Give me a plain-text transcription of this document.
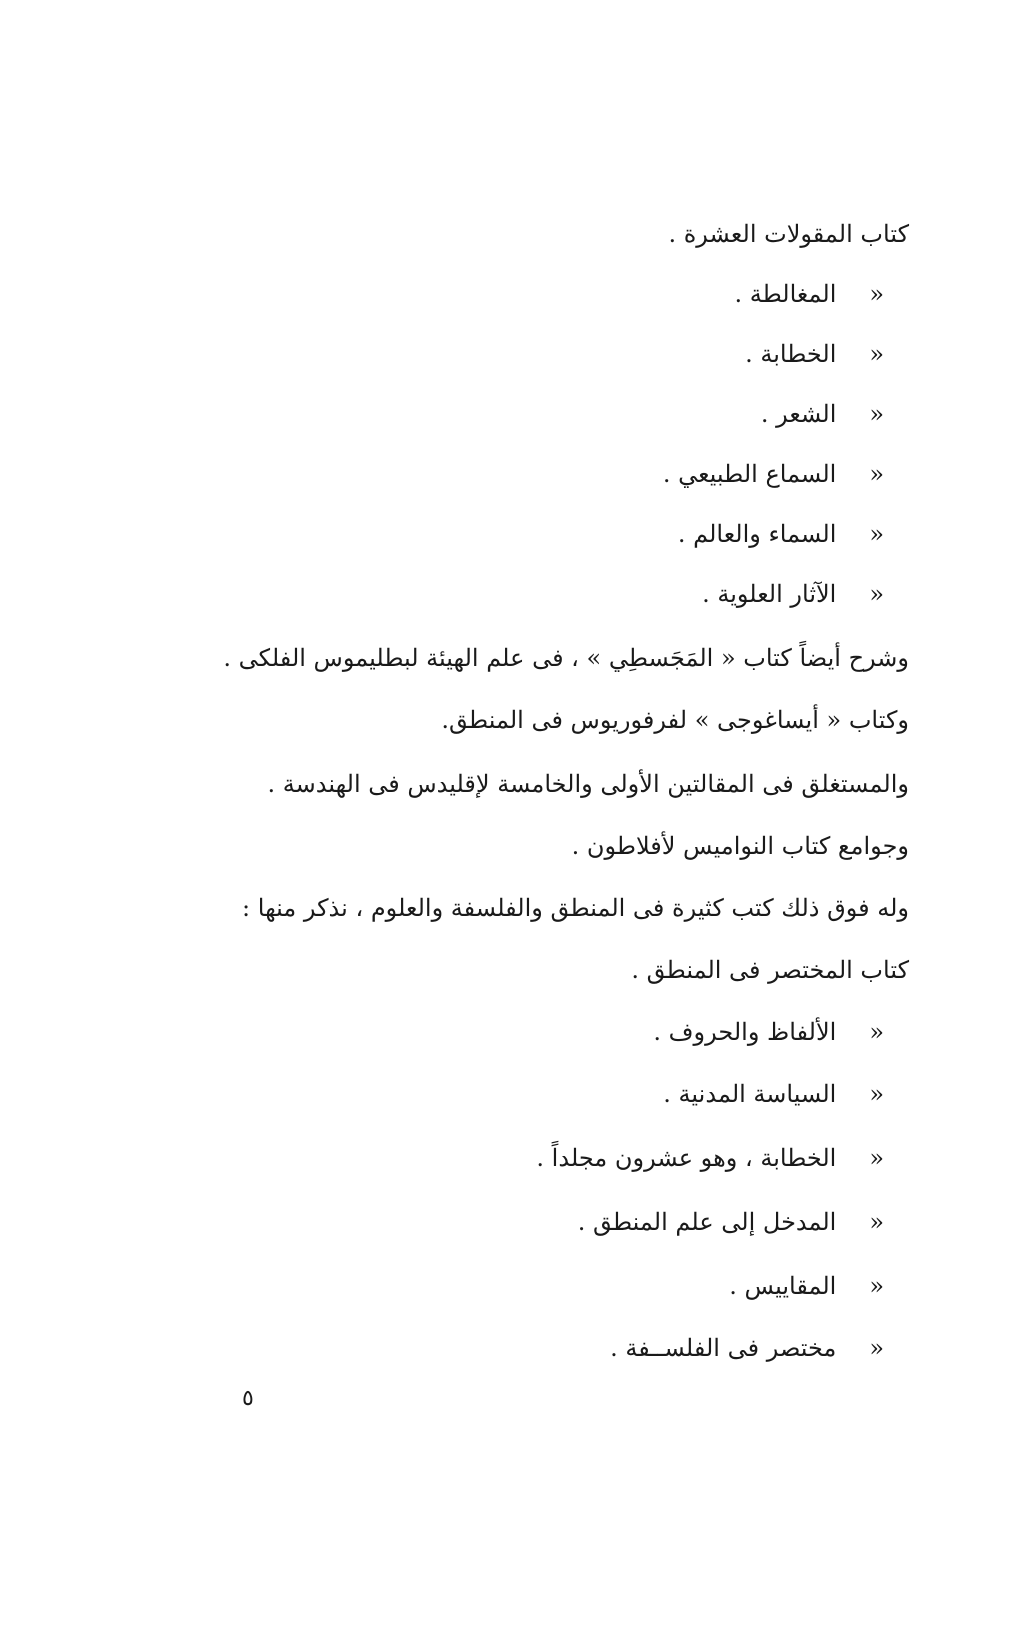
كتاب المقولات العشرة .
« المغالطة .
« الخطابة .
« الشعر .
« السماع الطبيعي .
« السماء والعالم .
« الآثار العلوية .
وشرح أيضاً كتاب « المَجَسطِي » ، فى علم الهيئة لبطليموس الفلكى .
وكتاب « أيساغوجى » لفرفوريوس فى المنطق.
والمستغلق فى المقالتين الأولى والخامسة لإقليدس فى الهندسة .
وجوامع كتاب النواميس لأفلاطون .
وله فوق ذلك كتب كثيرة فى المنطق والفلسفة والعلوم ، نذكر منها :
كتاب المختصر فى المنطق .
« الألفاظ والحروف .
« السياسة المدنية .
« الخطابة ، وهو عشرون مجلداً .
« المدخل إلى علم المنطق .
« المقاييس .
« مختصر فى الفلســفة .
٥
